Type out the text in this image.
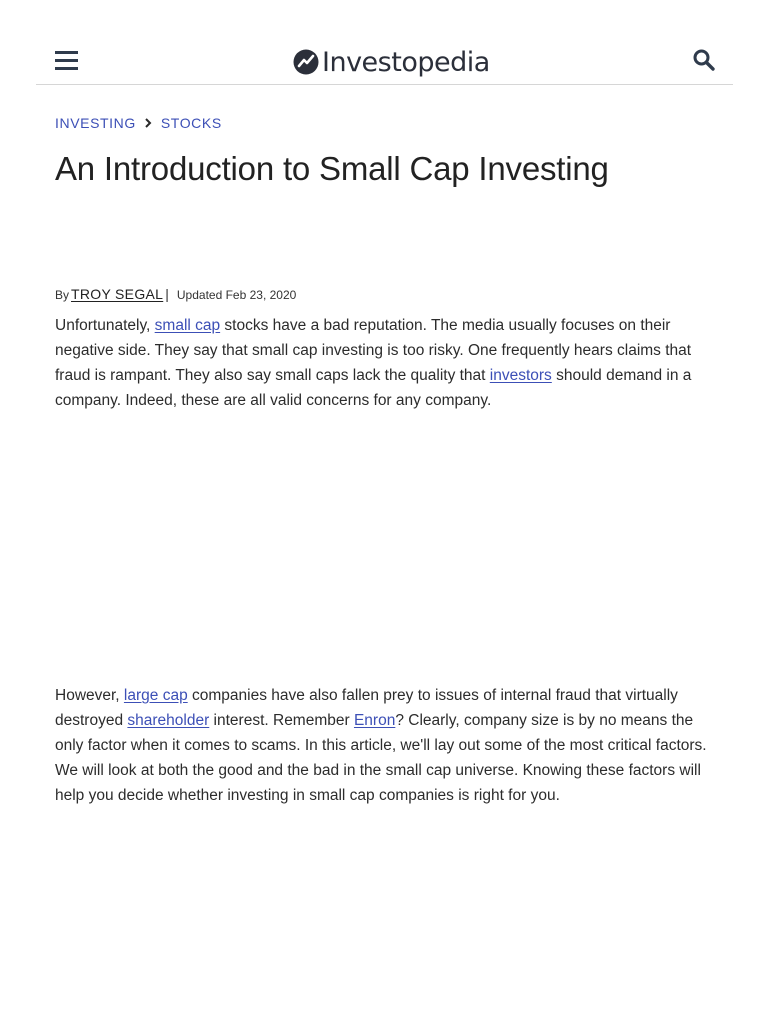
Investopedia
INVESTING STOCKS
An Introduction to Small Cap Investing
By TROY SEGAL | Updated Feb 23, 2020

Unfortunately, small cap stocks have a bad reputation. The media usually focuses on their negative side. They say that small cap investing is too risky. One frequently hears claims that fraud is rampant. They also say small caps lack the quality that investors should demand in a company. Indeed, these are all valid concerns for any company.

However, large cap companies have also fallen prey to issues of internal fraud that virtually destroyed shareholder interest. Remember Enron? Clearly, company size is by no means the only factor when it comes to scams. In this article, we'll lay out some of the most critical factors. We will look at both the good and the bad in the small cap universe. Knowing these factors will help you decide whether investing in small cap companies is right for you.
